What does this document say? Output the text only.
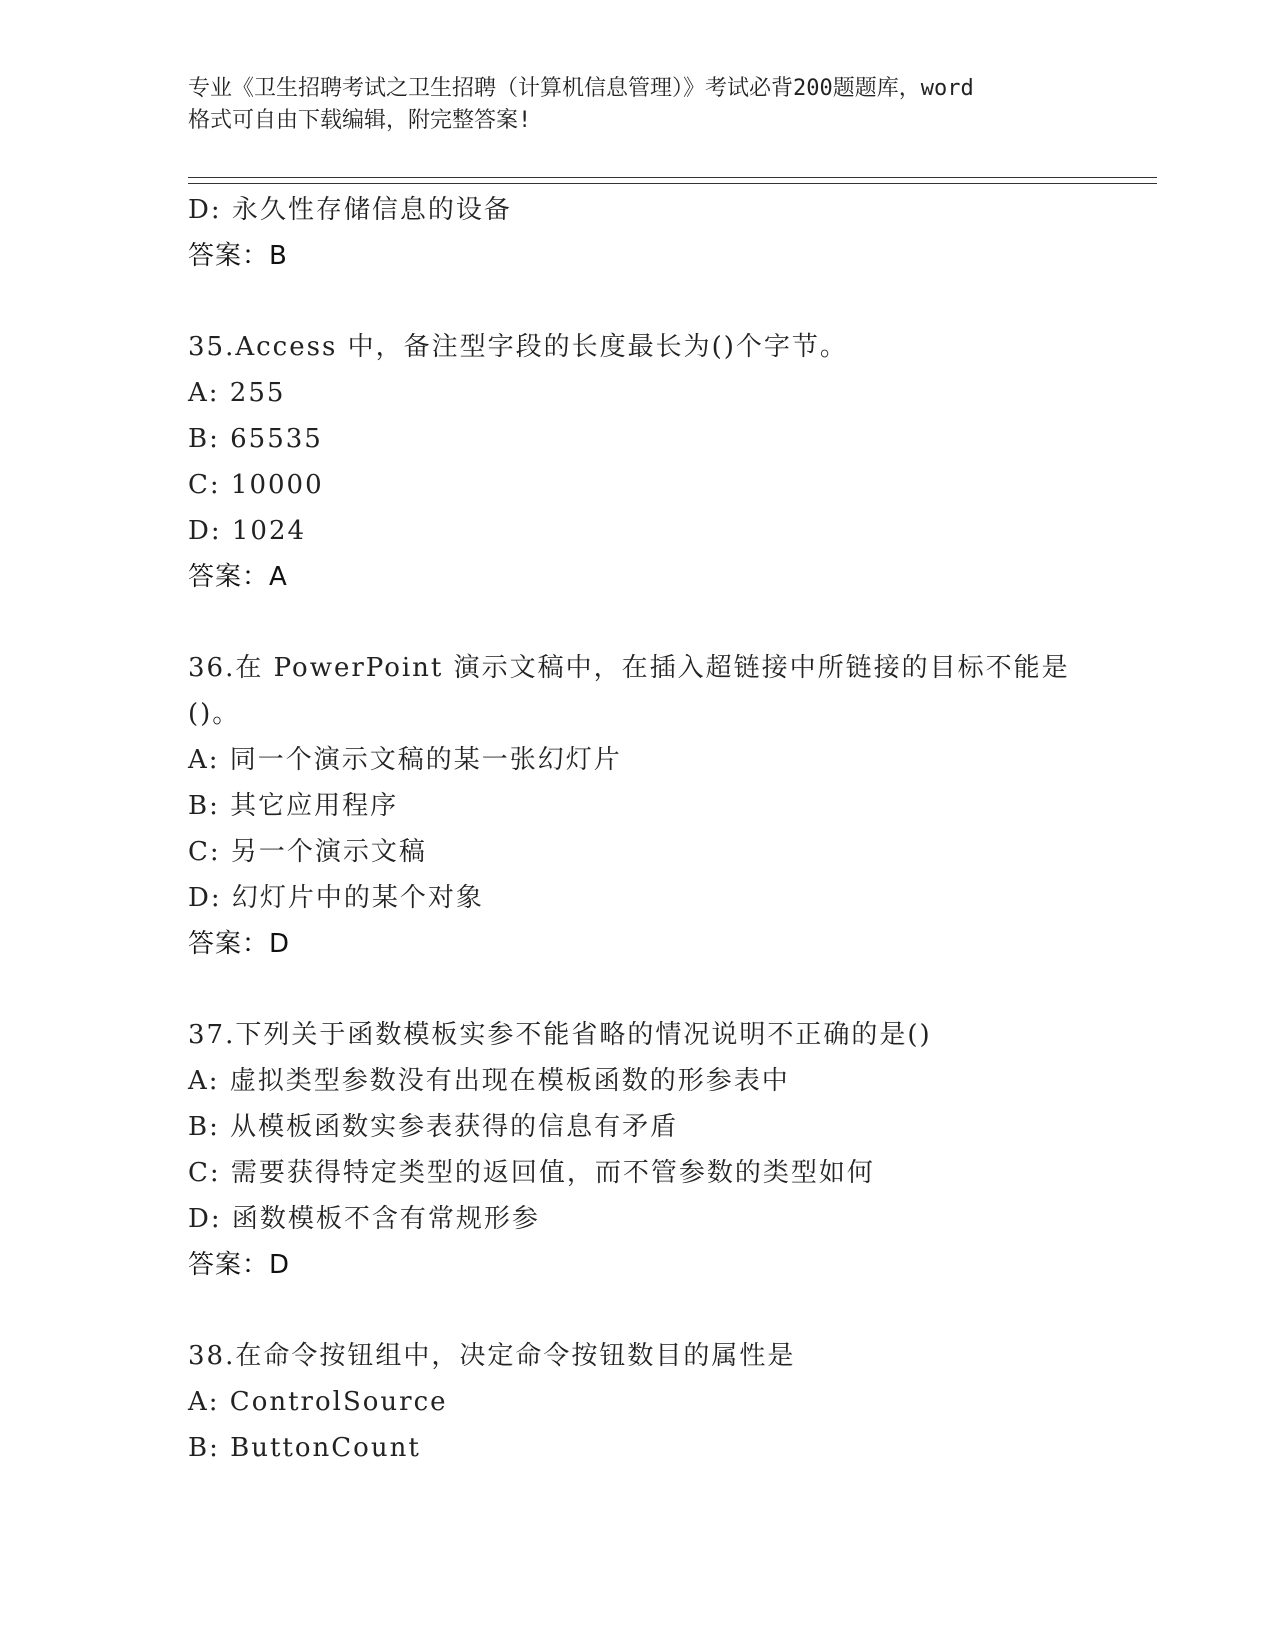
专业《卫生招聘考试之卫生招聘（计算机信息管理）》考试必背200题题库，word
格式可自由下载编辑，附完整答案!
D: 永久性存储信息的设备
答案：B
35.Access 中，备注型字段的长度最长为()个字节。
A: 255
B: 65535
C: 10000
D: 1024
答案：A
36.在 PowerPoint 演示文稿中，在插入超链接中所链接的目标不能是
()。
A: 同一个演示文稿的某一张幻灯片
B: 其它应用程序
C: 另一个演示文稿
D: 幻灯片中的某个对象
答案：D
37.下列关于函数模板实参不能省略的情况说明不正确的是()
A: 虚拟类型参数没有出现在模板函数的形参表中
B: 从模板函数实参表获得的信息有矛盾
C: 需要获得特定类型的返回值，而不管参数的类型如何
D: 函数模板不含有常规形参
答案：D
38.在命令按钮组中，决定命令按钮数目的属性是
A: ControlSource
B: ButtonCount
